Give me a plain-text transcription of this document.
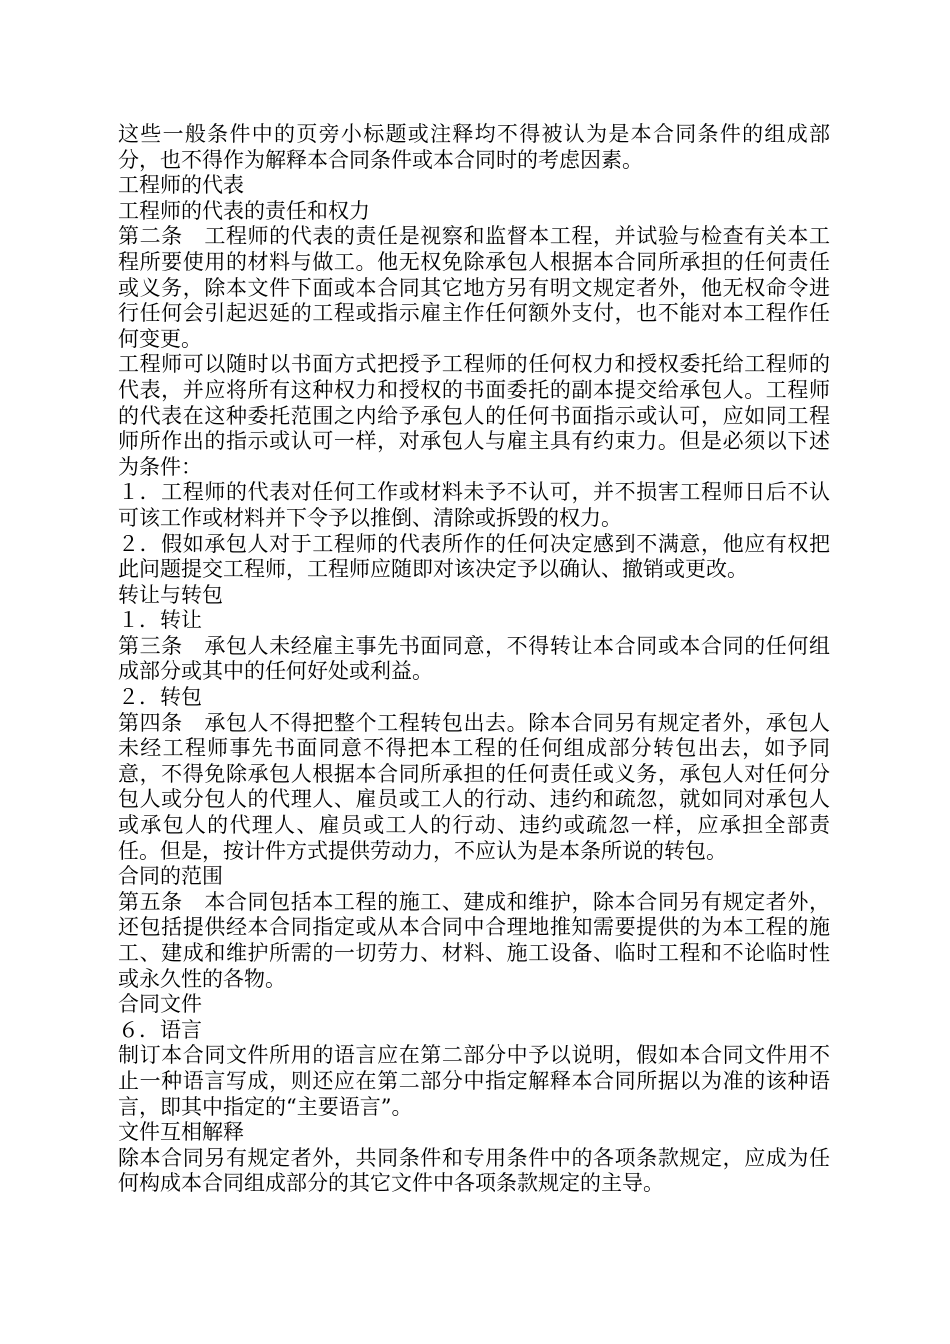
这些一般条件中的页旁小标题或注释均不得被认为是本合同条件的组成部分，也不得作为解释本合同条件或本合同时的考虑因素。

工程师的代表

工程师的代表的责任和权力

第二条　工程师的代表的责任是视察和监督本工程，并试验与检查有关本工程所要使用的材料与做工。他无权免除承包人根据本合同所承担的任何责任或义务，除本文件下面或本合同其它地方另有明文规定者外，他无权命令进行任何会引起迟延的工程或指示雇主作任何额外支付，也不能对本工程作任何变更。

工程师可以随时以书面方式把授予工程师的任何权力和授权委托给工程师的代表，并应将所有这种权力和授权的书面委托的副本提交给承包人。工程师的代表在这种委托范围之内给予承包人的任何书面指示或认可，应如同工程师所作出的指示或认可一样，对承包人与雇主具有约束力。但是必须以下述为条件：

１．工程师的代表对任何工作或材料未予不认可，并不损害工程师日后不认可该工作或材料并下令予以推倒、清除或拆毁的权力。

２．假如承包人对于工程师的代表所作的任何决定感到不满意，他应有权把此问题提交工程师，工程师应随即对该决定予以确认、撤销或更改。

转让与转包

１．转让

第三条　承包人未经雇主事先书面同意，不得转让本合同或本合同的任何组成部分或其中的任何好处或利益。

２．转包

第四条　承包人不得把整个工程转包出去。除本合同另有规定者外，承包人未经工程师事先书面同意不得把本工程的任何组成部分转包出去，如予同意，不得免除承包人根据本合同所承担的任何责任或义务，承包人对任何分包人或分包人的代理人、雇员或工人的行动、违约和疏忽，就如同对承包人或承包人的代理人、雇员或工人的行动、违约或疏忽一样，应承担全部责任。但是，按计件方式提供劳动力，不应认为是本条所说的转包。

合同的范围

第五条　本合同包括本工程的施工、建成和维护，除本合同另有规定者外，还包括提供经本合同指定或从本合同中合理地推知需要提供的为本工程的施工、建成和维护所需的一切劳力、材料、施工设备、临时工程和不论临时性或永久性的各物。

合同文件

６．语言

制订本合同文件所用的语言应在第二部分中予以说明，假如本合同文件用不止一种语言写成，则还应在第二部分中指定解释本合同所据以为准的该种语言，即其中指定的“主要语言”。

文件互相解释

除本合同另有规定者外，共同条件和专用条件中的各项条款规定，应成为任何构成本合同组成部分的其它文件中各项条款规定的主导。
